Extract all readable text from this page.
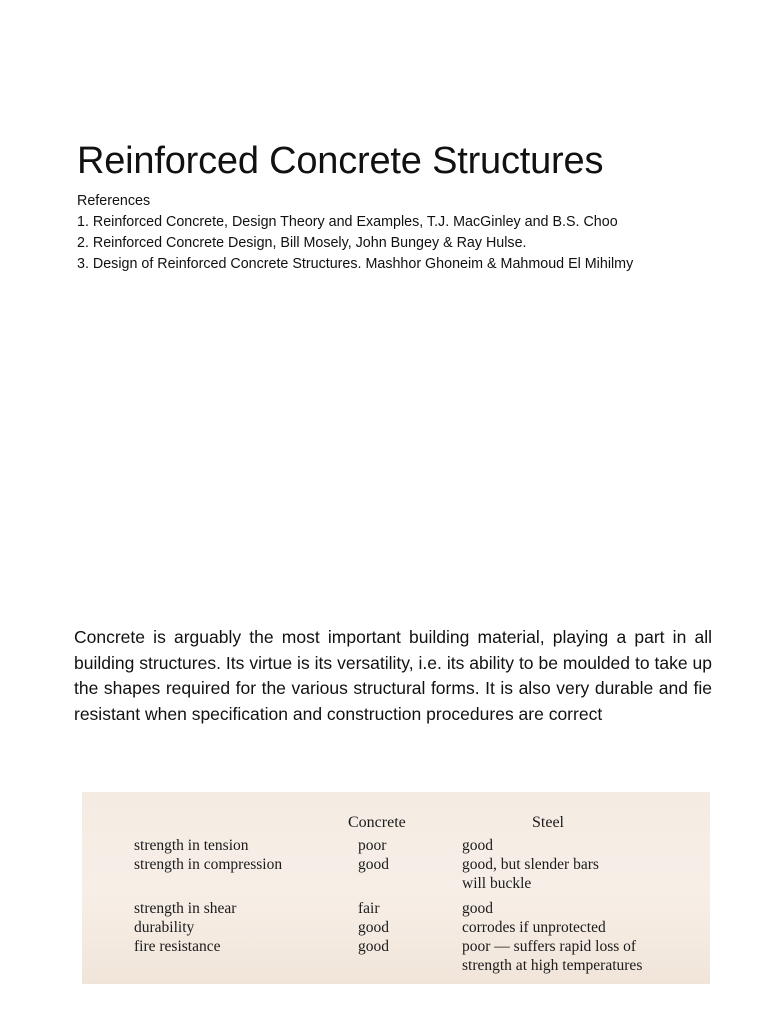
Reinforced Concrete Structures
References
1. Reinforced Concrete, Design Theory and Examples, T.J. MacGinley and B.S. Choo
2. Reinforced Concrete Design, Bill Mosely, John Bungey & Ray Hulse.
3. Design of Reinforced Concrete Structures. Mashhor Ghoneim & Mahmoud El Mihilmy

Concrete is arguably the most important building material, playing a part in all building structures. Its virtue is its versatility, i.e. its ability to be moulded to take up the shapes required for the various structural forms. It is also very durable and fie resistant when specification and construction procedures are correct

	Concrete	Steel
strength in tension	poor	good
strength in compression	good	good, but slender bars
		will buckle

strength in shear	fair	good
durability	good	corrodes if unprotected
fire resistance	good	poor — suffers rapid loss of
		strength at high temperatures
